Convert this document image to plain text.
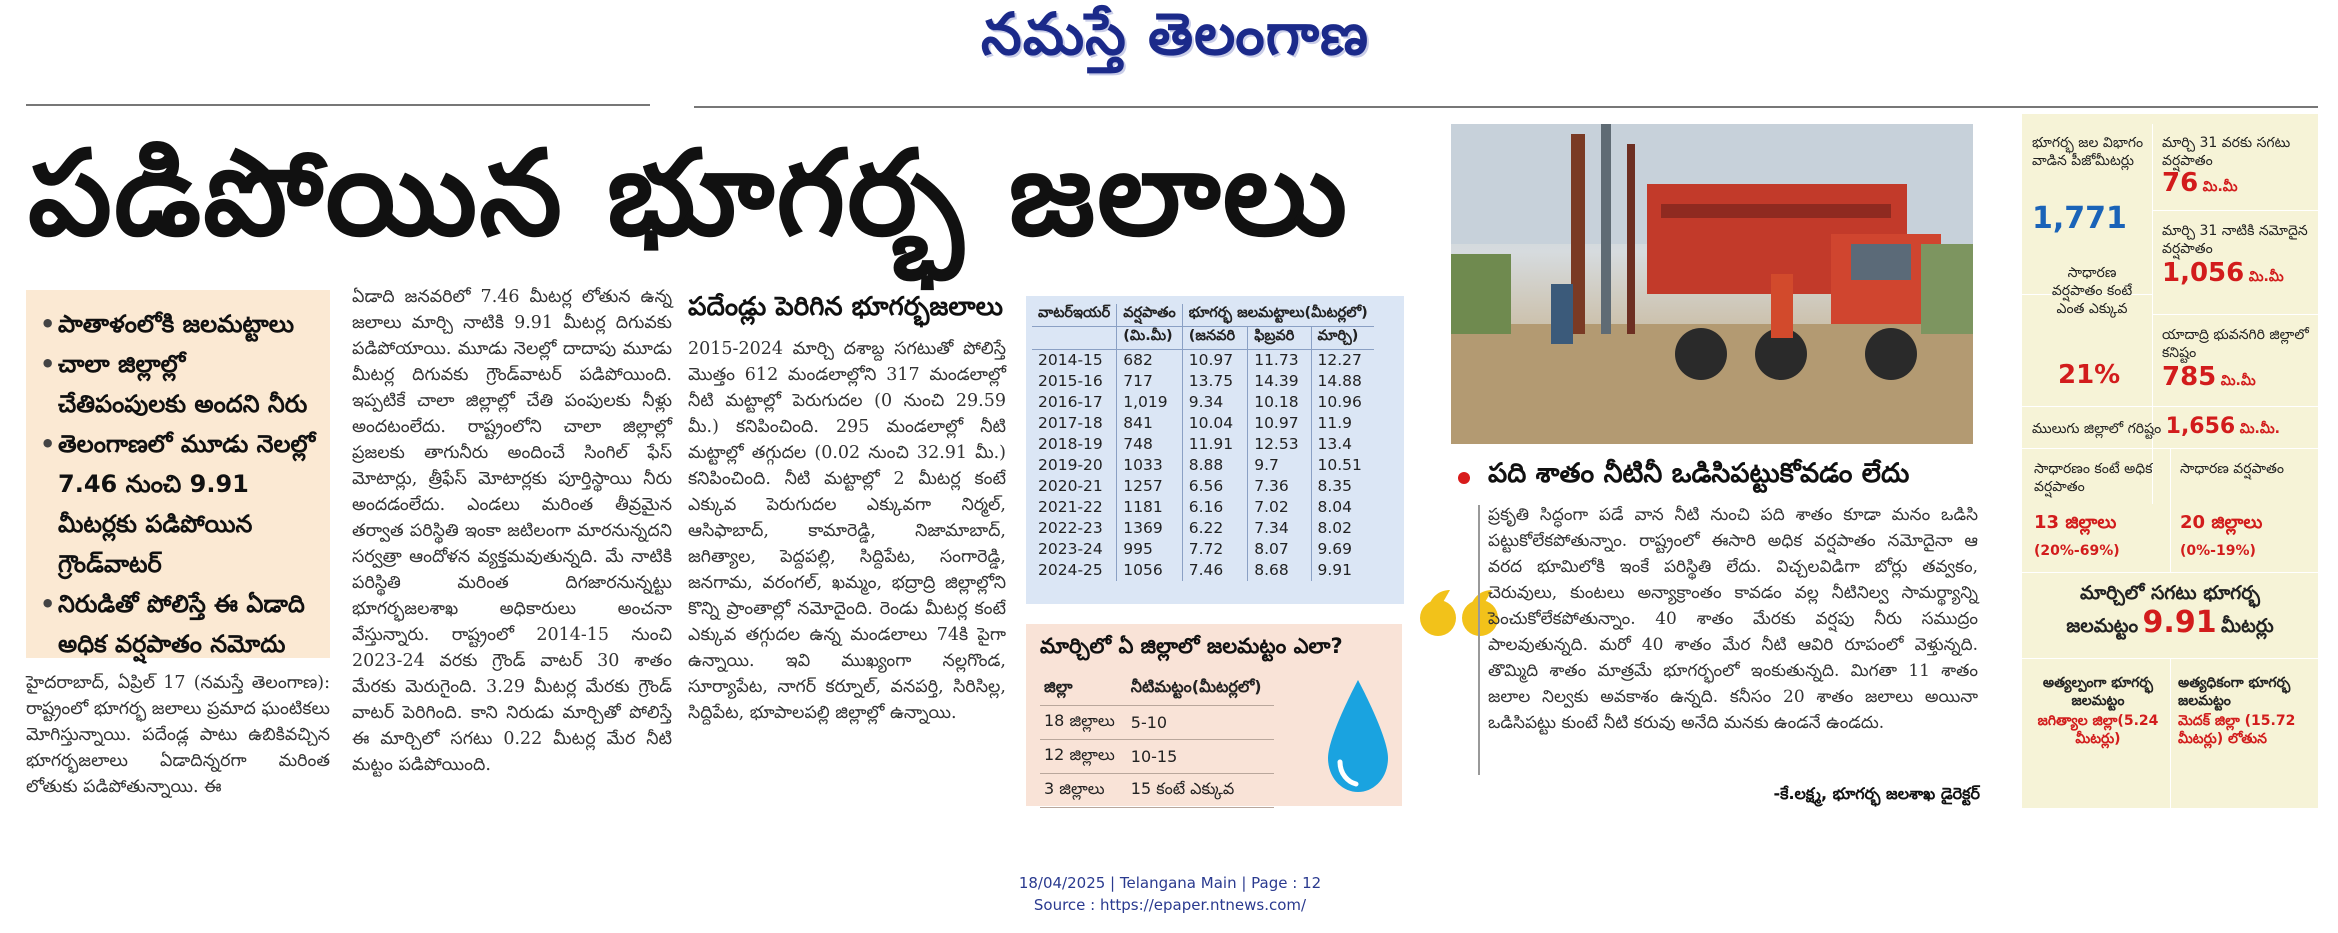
నమస్తే తెలంగాణ
పడిపోయిన భూగర్భ జలాలు
• పాతాళంలోకి జలమట్టాలు
• చాలా జిల్లాల్లో చేతిపంపులకు అందని నీరు
• తెలంగాణలో మూడు నెలల్లో 7.46 నుంచి 9.91 మీటర్లకు పడిపోయిన గ్రౌండ్‌వాటర్
• నిరుడితో పోలిస్తే ఈ ఏడాది అధిక వర్షపాతం నమోదు
హైదరాబాద్, ఏప్రిల్ 17 (నమస్తే తెలంగాణ): రాష్ట్రంలో భూగర్భ జలాలు ప్రమాద ఘంటికలు మోగిస్తున్నాయి. పదేండ్ల పాటు ఉబికివచ్చిన భూగర్భజలాలు ఏడాదిన్నరగా మరింత లోతుకు పడిపోతున్నాయి. ఈ
ఏడాది జనవరిలో 7.46 మీటర్ల లోతున ఉన్న జలాలు మార్చి నాటికి 9.91 మీటర్ల దిగువకు పడిపోయాయి. మూడు నెలల్లో దాదాపు మూడు మీటర్ల దిగువకు గ్రౌండ్‌వాటర్ పడిపోయింది. ఇప్పటికే చాలా జిల్లాల్లో చేతి పంపులకు నీళ్లు అందటంలేదు. రాష్ట్రంలోని చాలా జిల్లాల్లో ప్రజలకు తాగునీరు అందించే సింగిల్ ఫేస్ మోటార్లు, త్రీఫేస్ మోటార్లకు పూర్తిస్థాయి నీరు అందడంలేదు. ఎండలు మరింత తీవ్రమైన తర్వాత పరిస్థితి ఇంకా జటిలంగా మారనున్నదని సర్వత్రా ఆందోళన వ్యక్తమవుతున్నది. మే నాటికి పరిస్థితి మరింత దిగజారనున్నట్టు భూగర్భజలశాఖ అధికారులు అంచనా వేస్తున్నారు. రాష్ట్రంలో 2014-15 నుంచి 2023-24 వరకు గ్రౌండ్ వాటర్ 30 శాతం మేరకు మెరుగైంది. 3.29 మీటర్ల మేరకు గ్రౌండ్ వాటర్ పెరిగింది. కాని నిరుడు మార్చితో పోలిస్తే ఈ మార్చిలో సగటు 0.22 మీటర్ల మేర నీటి మట్టం పడిపోయింది.
పదేండ్లు పెరిగిన భూగర్భజలాలు
2015-2024 మార్చి దశాబ్ద సగటుతో పోలిస్తే మొత్తం 612 మండలాల్లోని 317 మండలాల్లో నీటి మట్టాల్లో పెరుగుదల (0 నుంచి 29.59 మీ.) కనిపించింది. 295 మండలాల్లో నీటి మట్టాల్లో తగ్గుదల (0.02 నుంచి 32.91 మీ.) కనిపించింది. నీటి మట్టాల్లో 2 మీటర్ల కంటే ఎక్కువ పెరుగుదల ఎక్కువగా నిర్మల్, ఆసిఫాబాద్, కామారెడ్డి, నిజామాబాద్, జగిత్యాల, పెద్దపల్లి, సిద్దిపేట, సంగారెడ్డి, జనగామ, వరంగల్, ఖమ్మం, భద్రాద్రి జిల్లాల్లోని కొన్ని ప్రాంతాల్లో నమోదైంది. రెండు మీటర్ల కంటే ఎక్కువ తగ్గుదల ఉన్న మండలాలు 74కి పైగా ఉన్నాయి. ఇవి ముఖ్యంగా నల్లగొండ, సూర్యాపేట, నాగర్ కర్నూల్, వనపర్తి, సిరిసిల్ల, సిద్దిపేట, భూపాలపల్లి జిల్లాల్లో ఉన్నాయి.
వాటర్‌ఇయర్	వర్షపాతం	భూగర్భ జలమట్టాలు(మీటర్లలో)		
	(మి.మీ)	(జనవరి	ఫిబ్రవరి	మార్చి)
2014-15	682	10.97	11.73	12.27
2015-16	717	13.75	14.39	14.88
2016-17	1,019	9.34	10.18	10.96
2017-18	841	10.04	10.97	11.9
2018-19	748	11.91	12.53	13.4
2019-20	1033	8.88	9.7	10.51
2020-21	1257	6.56	7.36	8.35
2021-22	1181	6.16	7.02	8.04
2022-23	1369	6.22	7.34	8.02
2023-24	995	7.72	8.07	9.69
2024-25	1056	7.46	8.68	9.91
మార్చిలో ఏ జిల్లాలో జలమట్టం ఎలా?
జిల్లా	నీటిమట్టం(మీటర్లలో)
18 జిల్లాలు	5-10
12 జిల్లాలు	10-15
3 జిల్లాలు	15 కంటే ఎక్కువ
పది శాతం నీటినీ ఒడిసిపట్టుకోవడం లేదు
ప్రకృతి సిద్ధంగా పడే వాన నీటి నుంచి పది శాతం కూడా మనం ఒడిసి పట్టుకోలేకపోతున్నాం. రాష్ట్రంలో ఈసారి అధిక వర్షపాతం నమోదైనా ఆ వరద భూమిలోకి ఇంకే పరిస్థితి లేదు. విచ్చలవిడిగా బోర్లు తవ్వకం, చెరువులు, కుంటలు అన్యాక్రాంతం కావడం వల్ల నీటినిల్వ సామర్థ్యాన్ని పెంచుకోలేకపోతున్నాం. 40 శాతం మేరకు వర్షపు నీరు సముద్రం పాలవుతున్నది. మరో 40 శాతం మేర నీటి ఆవిరి రూపంలో వెళ్తున్నది. తొమ్మిది శాతం మాత్రమే భూగర్భంలో ఇంకుతున్నది. మిగతా 11 శాతం జలాల నిల్వకు అవకాశం ఉన్నది. కనీసం 20 శాతం జలాలు అయినా ఒడిసిపట్టు కుంటే నీటి కరువు అనేది మనకు ఉండనే ఉండదు.
-కే.లక్ష్మ, భూగర్భ జలశాఖ డైరెక్టర్
భూగర్భ జల విభాగం వాడిన పీజోమీటర్లు
1,771
మార్చి 31 వరకు సగటు వర్షపాతం
76 మి.మీ
మార్చి 31 నాటికి నమోదైన వర్షపాతం
1,056 మి.మీ
సాధారణ వర్షపాతం కంటే ఎంత ఎక్కువ
21%
యాదాద్రి భువనగిరి జిల్లాలో కనిష్టం
785 మి.మీ
ములుగు జిల్లాలో గరిష్టం 1,656 మి.మీ.
సాధారణం కంటే అధిక వర్షపాతం
13 జిల్లాలు
(20%-69%)
సాధారణ వర్షపాతం
20 జిల్లాలు
(0%-19%)
మార్చిలో సగటు భూగర్భ
జలమట్టం 9.91 మీటర్లు
అత్యల్పంగా భూగర్భ జలమట్టం
జగిత్యాల జిల్లా(5.24 మీటర్లు)
అత్యధికంగా భూగర్భ జలమట్టం
మెదక్ జిల్లా (15.72 మీటర్లు) లోతున
18/04/2025 | Telangana Main | Page : 12
Source : https://epaper.ntnews.com/
